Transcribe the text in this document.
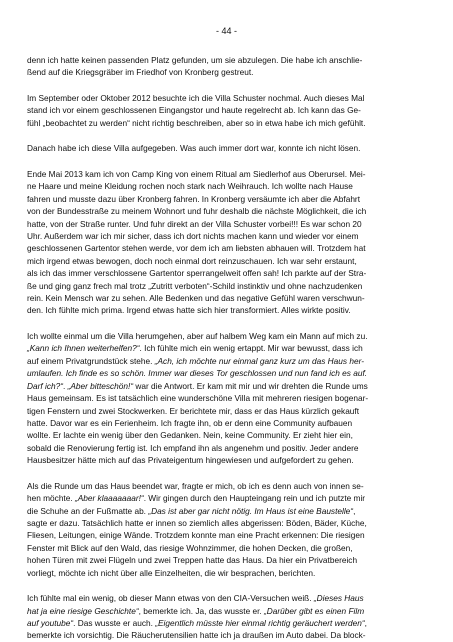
- 44 -

denn ich hatte keinen passenden Platz gefunden, um sie abzulegen. Die habe ich anschlie-
ßend auf die Kriegsgräber im Friedhof von Kronberg gestreut.

Im September oder Oktober 2012 besuchte ich die Villa Schuster nochmal. Auch dieses Mal
stand ich vor einem geschlossenen Eingangstor und haute regelrecht ab. Ich kann das Ge-
fühl „beobachtet zu werden“ nicht richtig beschreiben, aber so in etwa habe ich mich gefühlt.

Danach habe ich diese Villa aufgegeben. Was auch immer dort war, konnte ich nicht lösen.

Ende Mai 2013 kam ich von Camp King von einem Ritual am Siedlerhof aus Oberursel. Mei-
ne Haare und meine Kleidung rochen noch stark nach Weihrauch. Ich wollte nach Hause
fahren und musste dazu über Kronberg fahren. In Kronberg versäumte ich aber die Abfahrt
von der Bundesstraße zu meinem Wohnort und fuhr deshalb die nächste Möglichkeit, die ich
hatte, von der Straße runter. Und fuhr direkt an der Villa Schuster vorbei!!! Es war schon 20
Uhr. Außerdem war ich mir sicher, dass ich dort nichts machen kann und wieder vor einem
geschlossenen Gartentor stehen werde, vor dem ich am liebsten abhauen will. Trotzdem hat
mich irgend etwas bewogen, doch noch einmal dort reinzuschauen. Ich war sehr erstaunt,
als ich das immer verschlossene Gartentor sperrangelweit offen sah! Ich parkte auf der Stra-
ße und ging ganz frech mal trotz „Zutritt verboten“-Schild instinktiv und ohne nachzudenken
rein. Kein Mensch war zu sehen. Alle Bedenken und das negative Gefühl waren verschwun-
den. Ich fühlte mich prima. Irgend etwas hatte sich hier transformiert. Alles wirkte positiv.

Ich wollte einmal um die Villa herumgehen, aber auf halbem Weg kam ein Mann auf mich zu.
„Kann ich Ihnen weiterhelfen?“. Ich fühlte mich ein wenig ertappt. Mir war bewusst, dass ich
auf einem Privatgrundstück stehe. „Ach, ich möchte nur einmal ganz kurz um das Haus her-
umlaufen. Ich finde es so schön. Immer war dieses Tor geschlossen und nun fand ich es auf.
Darf ich?“. „Aber bitteschön!“ war die Antwort. Er kam mit mir und wir drehten die Runde ums
Haus gemeinsam. Es ist tatsächlich eine wunderschöne Villa mit mehreren riesigen bogenar-
tigen Fenstern und zwei Stockwerken. Er berichtete mir, dass er das Haus kürzlich gekauft
hatte. Davor war es ein Ferienheim. Ich fragte ihn, ob er denn eine Community aufbauen
wollte. Er lachte ein wenig über den Gedanken. Nein, keine Community. Er zieht hier ein,
sobald die Renovierung fertig ist. Ich empfand ihn als angenehm und positiv. Jeder andere
Hausbesitzer hätte mich auf das Privateigentum hingewiesen und aufgefordert zu gehen.

Als die Runde um das Haus beendet war, fragte er mich, ob ich es denn auch von innen se-
hen möchte. „Aber klaaaaaaar!“. Wir gingen durch den Haupteingang rein und ich putzte mir
die Schuhe an der Fußmatte ab. „Das ist aber gar nicht nötig. Im Haus ist eine Baustelle“,
sagte er dazu. Tatsächlich hatte er innen so ziemlich alles abgerissen: Böden, Bäder, Küche,
Fliesen, Leitungen, einige Wände. Trotzdem konnte man eine Pracht erkennen: Die riesigen
Fenster mit Blick auf den Wald, das riesige Wohnzimmer, die hohen Decken, die großen,
hohen Türen mit zwei Flügeln und zwei Treppen hatte das Haus. Da hier ein Privatbereich
vorliegt, möchte ich nicht über alle Einzelheiten, die wir besprachen, berichten.

Ich fühlte mal ein wenig, ob dieser Mann etwas von den CIA-Versuchen weiß. „Dieses Haus
hat ja eine riesige Geschichte“, bemerkte ich. Ja, das wusste er. „Darüber gibt es einen Film
auf youtube“. Das wusste er auch. „Eigentlich müsste hier einmal richtig geräuchert werden“,
bemerkte ich vorsichtig. Die Räucherutensilien hatte ich ja draußen im Auto dabei. Da block-
